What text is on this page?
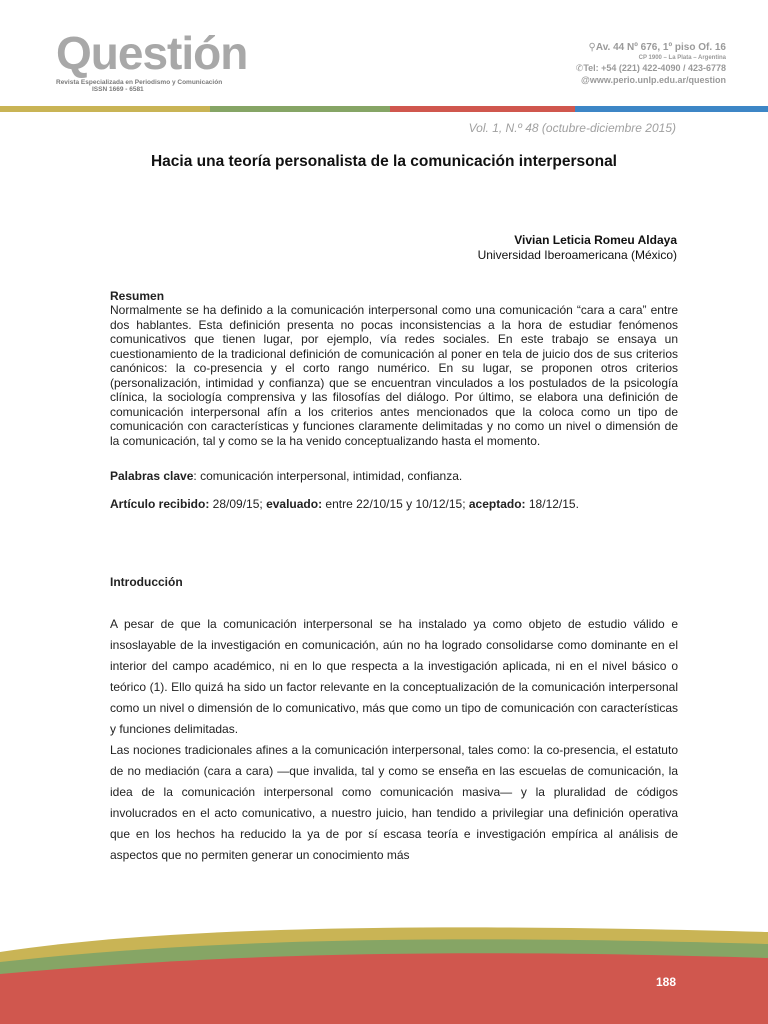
Questión
Revista Especializada en Periodismo y Comunicación
ISSN 1669 - 6581
⚲Av. 44 Nº 676, 1º piso Of. 16
CP 1900 – La Plata – Argentina
✆Tel: +54 (221) 422-4090 / 423-6778
@www.perio.unlp.edu.ar/question
Vol. 1, N.º 48 (octubre-diciembre 2015)
Hacia una teoría personalista de la comunicación interpersonal
Vivian Leticia Romeu Aldaya
Universidad Iberoamericana (México)
Resumen
Normalmente se ha definido a la comunicación interpersonal como una comunicación “cara a cara” entre dos hablantes. Esta definición presenta no pocas inconsistencias a la hora de estudiar fenómenos comunicativos que tienen lugar, por ejemplo, vía redes sociales. En este trabajo se ensaya un cuestionamiento de la tradicional definición de comunicación al poner en tela de juicio dos de sus criterios canónicos: la co-presencia y el corto rango numérico. En su lugar, se proponen otros criterios (personalización, intimidad y confianza) que se encuentran vinculados a los postulados de la psicología clínica, la sociología comprensiva y las filosofías del diálogo. Por último, se elabora una definición de comunicación interpersonal afín a los criterios antes mencionados que la coloca como un tipo de comunicación con características y funciones claramente delimitadas y no como un nivel o dimensión de la comunicación, tal y como se la ha venido conceptualizando hasta el momento.
Palabras clave: comunicación interpersonal, intimidad, confianza.
Artículo recibido: 28/09/15; evaluado: entre 22/10/15 y 10/12/15; aceptado: 18/12/15.
Introducción

A pesar de que la comunicación interpersonal se ha instalado ya como objeto de estudio válido e insoslayable de la investigación en comunicación, aún no ha logrado consolidarse como dominante en el interior del campo académico, ni en lo que respecta a la investigación aplicada, ni en el nivel básico o teórico (1). Ello quizá ha sido un factor relevante en la conceptualización de la comunicación interpersonal como un nivel o dimensión de lo comunicativo, más que como un tipo de comunicación con características y funciones delimitadas.

Las nociones tradicionales afines a la comunicación interpersonal, tales como: la co-presencia, el estatuto de no mediación (cara a cara) —que invalida, tal y como se enseña en las escuelas de comunicación, la idea de la comunicación interpersonal como comunicación masiva— y la pluralidad de códigos involucrados en el acto comunicativo, a nuestro juicio, han tendido a privilegiar una definición operativa que en los hechos ha reducido la ya de por sí escasa teoría e investigación empírica al análisis de aspectos que no permiten generar un conocimiento más

188
